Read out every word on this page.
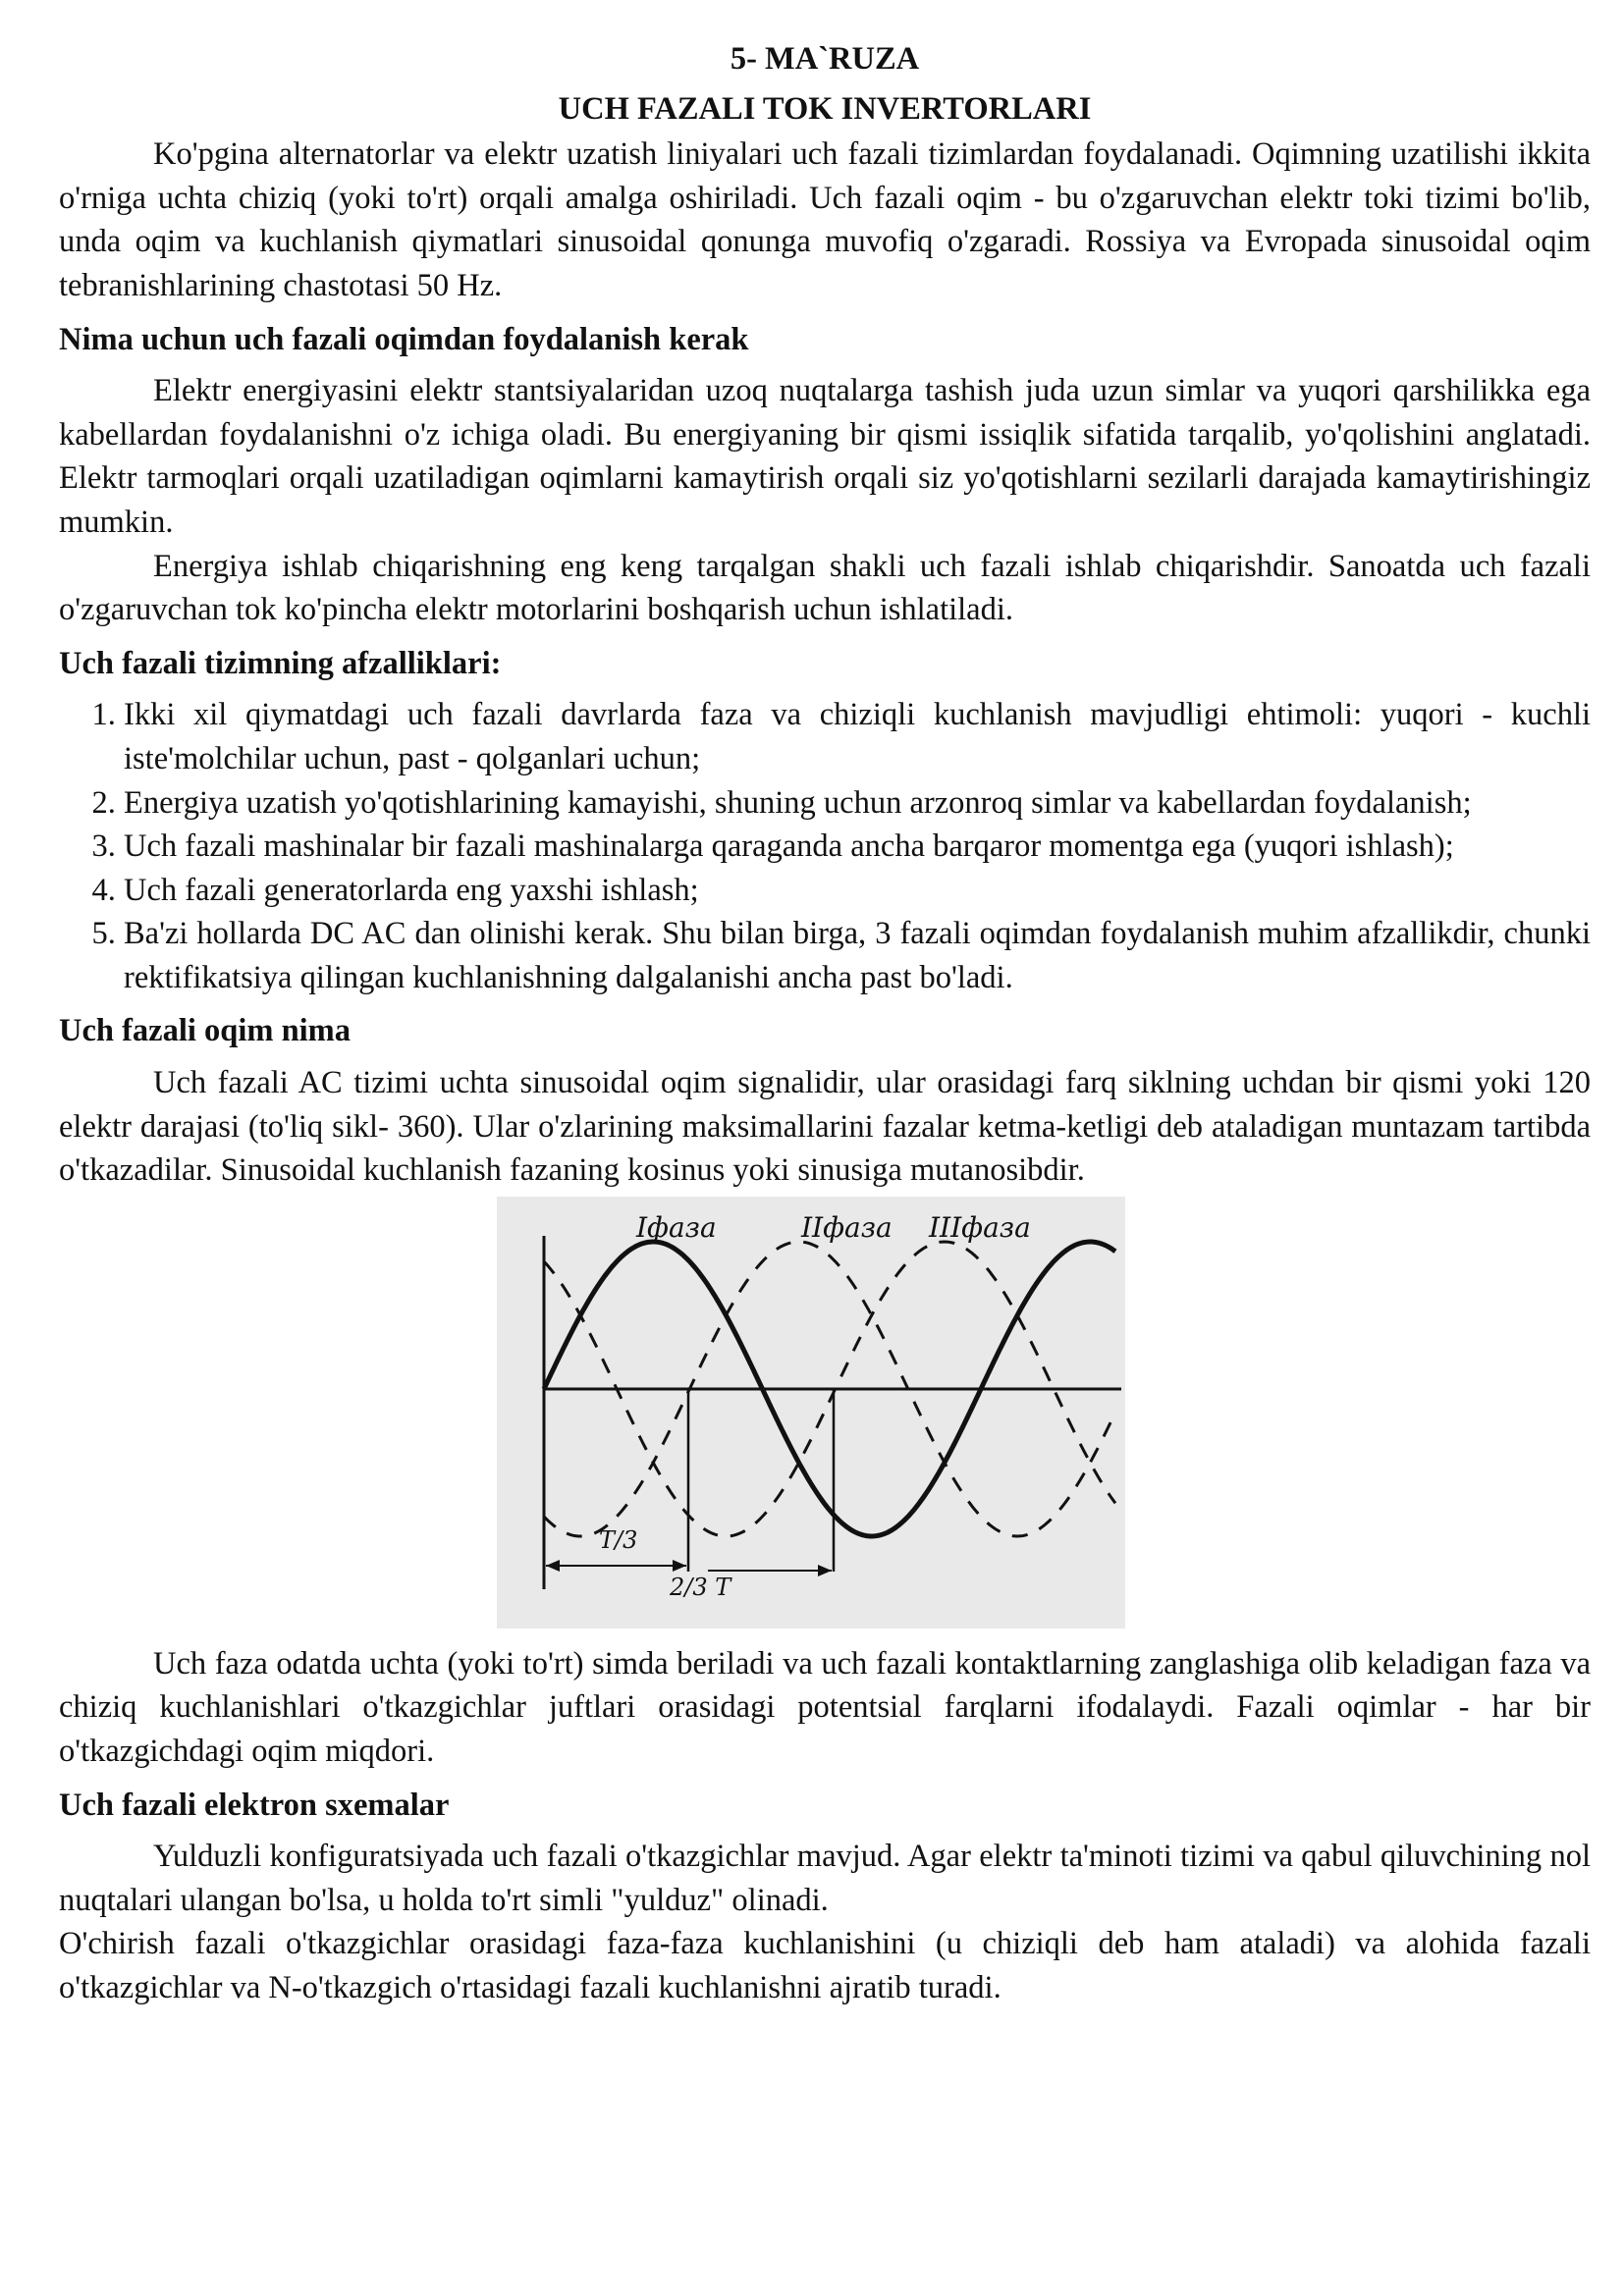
5- MA`RUZA

UCH FAZALI TOK INVERTORLARI

Ko'pgina alternatorlar va elektr uzatish liniyalari uch fazali tizimlardan foydalanadi. Oqimning uzatilishi ikkita o'rniga uchta chiziq (yoki to'rt) orqali amalga oshiriladi. Uch fazali oqim - bu o'zgaruvchan elektr toki tizimi bo'lib, unda oqim va kuchlanish qiymatlari sinusoidal qonunga muvofiq o'zgaradi. Rossiya va Evropada sinusoidal oqim tebranishlarining chastotasi 50 Hz.

Nima uchun uch fazali oqimdan foydalanish kerak

Elektr energiyasini elektr stantsiyalaridan uzoq nuqtalarga tashish juda uzun simlar va yuqori qarshilikka ega kabellardan foydalanishni o'z ichiga oladi. Bu energiyaning bir qismi issiqlik sifatida tarqalib, yo'qolishini anglatadi. Elektr tarmoqlari orqali uzatiladigan oqimlarni kamaytirish orqali siz yo'qotishlarni sezilarli darajada kamaytirishingiz mumkin.

Energiya ishlab chiqarishning eng keng tarqalgan shakli uch fazali ishlab chiqarishdir. Sanoatda uch fazali o'zgaruvchan tok ko'pincha elektr motorlarini boshqarish uchun ishlatiladi.

Uch fazali tizimning afzalliklari:
1. Ikki xil qiymatdagi uch fazali davrlarda faza va chiziqli kuchlanish mavjudligi ehtimoli: yuqori - kuchli iste'molchilar uchun, past - qolganlari uchun;
2. Energiya uzatish yo'qotishlarining kamayishi, shuning uchun arzonroq simlar va kabellardan foydalanish;
3. Uch fazali mashinalar bir fazali mashinalarga qaraganda ancha barqaror momentga ega (yuqori ishlash);
4. Uch fazali generatorlarda eng yaxshi ishlash;
5. Ba'zi hollarda DC AC dan olinishi kerak. Shu bilan birga, 3 fazali oqimdan foydalanish muhim afzallikdir, chunki rektifikatsiya qilingan kuchlanishning dalgalanishi ancha past bo'ladi.
Uch fazali oqim nima

Uch fazali AC tizimi uchta sinusoidal oqim signalidir, ular orasidagi farq siklning uchdan bir qismi yoki 120 elektr darajasi (to'liq sikl- 360). Ular o'zlarining maksimallarini fazalar ketma-ketligi deb ataladigan muntazam tartibda o'tkazadilar. Sinusoidal kuchlanish fazaning kosinus yoki sinusiga mutanosibdir.

Iфаза	IIфаза IIIфаза
T/3
2/3 T

Uch faza odatda uchta (yoki to'rt) simda beriladi va uch fazali kontaktlarning zanglashiga olib keladigan faza va chiziq kuchlanishlari o'tkazgichlar juftlari orasidagi potentsial farqlarni ifodalaydi. Fazali oqimlar - har bir o'tkazgichdagi oqim miqdori.

Uch fazali elektron sxemalar

Yulduzli konfiguratsiyada uch fazali o'tkazgichlar mavjud. Agar elektr ta'minoti tizimi va qabul qiluvchining nol nuqtalari ulangan bo'lsa, u holda to'rt simli "yulduz" olinadi.

O'chirish fazali o'tkazgichlar orasidagi faza-faza kuchlanishini (u chiziqli deb ham ataladi) va alohida fazali o'tkazgichlar va N-o'tkazgich o'rtasidagi fazali kuchlanishni ajratib turadi.
